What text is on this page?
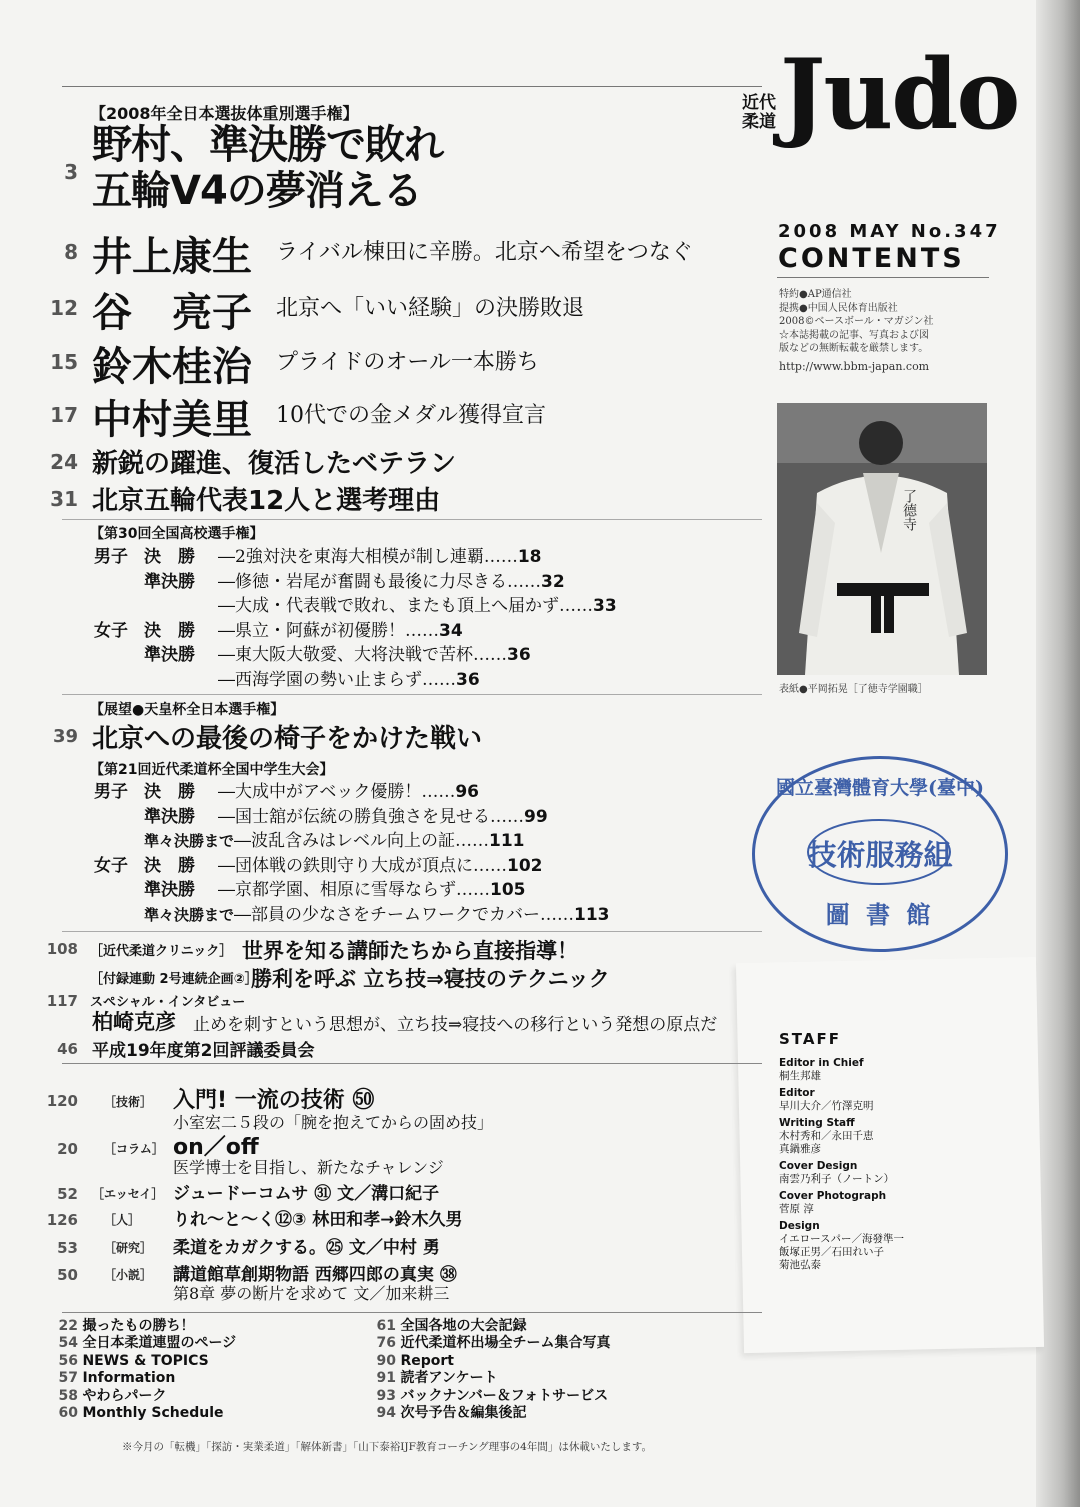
近代
柔道 Judo
2008 MAY No.347
CONTENTS
特約●AP通信社
提携●中国人民体育出版社
2008©ベースボール・マガジン社
☆本誌掲載の記事、写真および図
版などの無断転載を厳禁します。
http://www.bbm-japan.com
了德寺
表紙●平岡拓晃［了徳寺学園職］
國立臺灣體育大學(臺中)
技術服務組
圖 書 館
STAFF
Editor in Chief
桐生邦雄
Editor
早川大介／竹澤克明
Writing Staff
木村秀和／永田千恵
真鍋雅彦
Cover Design
南雲乃利子（ノートン）
Cover Photograph
菅原 淳
Design
イエロースパー／海發準一
飯塚正男／石田れい子
菊池弘泰
【2008年全日本選抜体重別選手権】
3
野村、準決勝で敗れ
五輪V4の夢消える
8 井上康生 ライバル棟田に辛勝。北京へ希望をつなぐ
12 谷　亮子 北京へ「いい経験」の決勝敗退
15 鈴木桂治 プライドのオール一本勝ち
17 中村美里 10代での金メダル獲得宣言
24 新鋭の躍進、復活したベテラン
31 北京五輪代表12人と選考理由
【第30回全国高校選手権】
男子 決　勝 ―2強対決を東海大相模が制し連覇……18
準決勝 ―修徳・岩尾が奮闘も最後に力尽きる……32
―大成・代表戦で敗れ、またも頂上へ届かず……33
女子 決　勝 ―県立・阿蘇が初優勝！……34
準決勝 ―東大阪大敬愛、大将決戦で苦杯……36
―西海学園の勢い止まらず……36
【展望●天皇杯全日本選手権】
39 北京への最後の椅子をかけた戦い
【第21回近代柔道杯全国中学生大会】
男子 決　勝 ―大成中がアベック優勝！……96
準決勝 ―国士舘が伝統の勝負強さを見せる……99
準々決勝まで―波乱含みはレベル向上の証……111
女子 決　勝 ―団体戦の鉄則守り大成が頂点に……102
準決勝 ―京都学園、相原に雪辱ならず……105
準々決勝まで―部員の少なさをチームワークでカバー……113
108 ［近代柔道クリニック］ 世界を知る講師たちから直接指導！
［付録連動 2号連続企画②］
勝利を呼ぶ 立ち技⇒寝技のテクニック
117 スペシャル・インタビュー
柏崎克彦 止めを刺すという思想が、立ち技⇒寝技への移行という発想の原点だ
46 平成19年度第2回評議委員会
120 ［技術］ 入門! 一流の技術 ㊿
小室宏二５段の「腕を抱えてからの固め技」
20 ［コラム］ on／off
医学博士を目指し、新たなチャレンジ
52 ［エッセイ］ ジュードーコムサ ㉛ 文／溝口紀子
126 ［人］ りれ〜と〜く⑫③ 林田和孝→鈴木久男
53 ［研究］ 柔道をカガクする。㉕ 文／中村 勇
50 ［小説］ 講道館草創期物語 西郷四郎の真実 ㊳
第8章 夢の断片を求めて 文／加来耕三
22 撮ったもの勝ち！
54 全日本柔道連盟のページ
56 NEWS & TOPICS
57 Information
58 やわらパーク
60 Monthly Schedule
61 全国各地の大会記録
76 近代柔道杯出場全チーム集合写真
90 Report
91 読者アンケート
93 バックナンバー＆フォトサービス
94 次号予告＆編集後記
※今月の「転機」「探訪・実業柔道」「解体新書」「山下泰裕IJF教育コーチング理事の4年間」は休載いたします。
